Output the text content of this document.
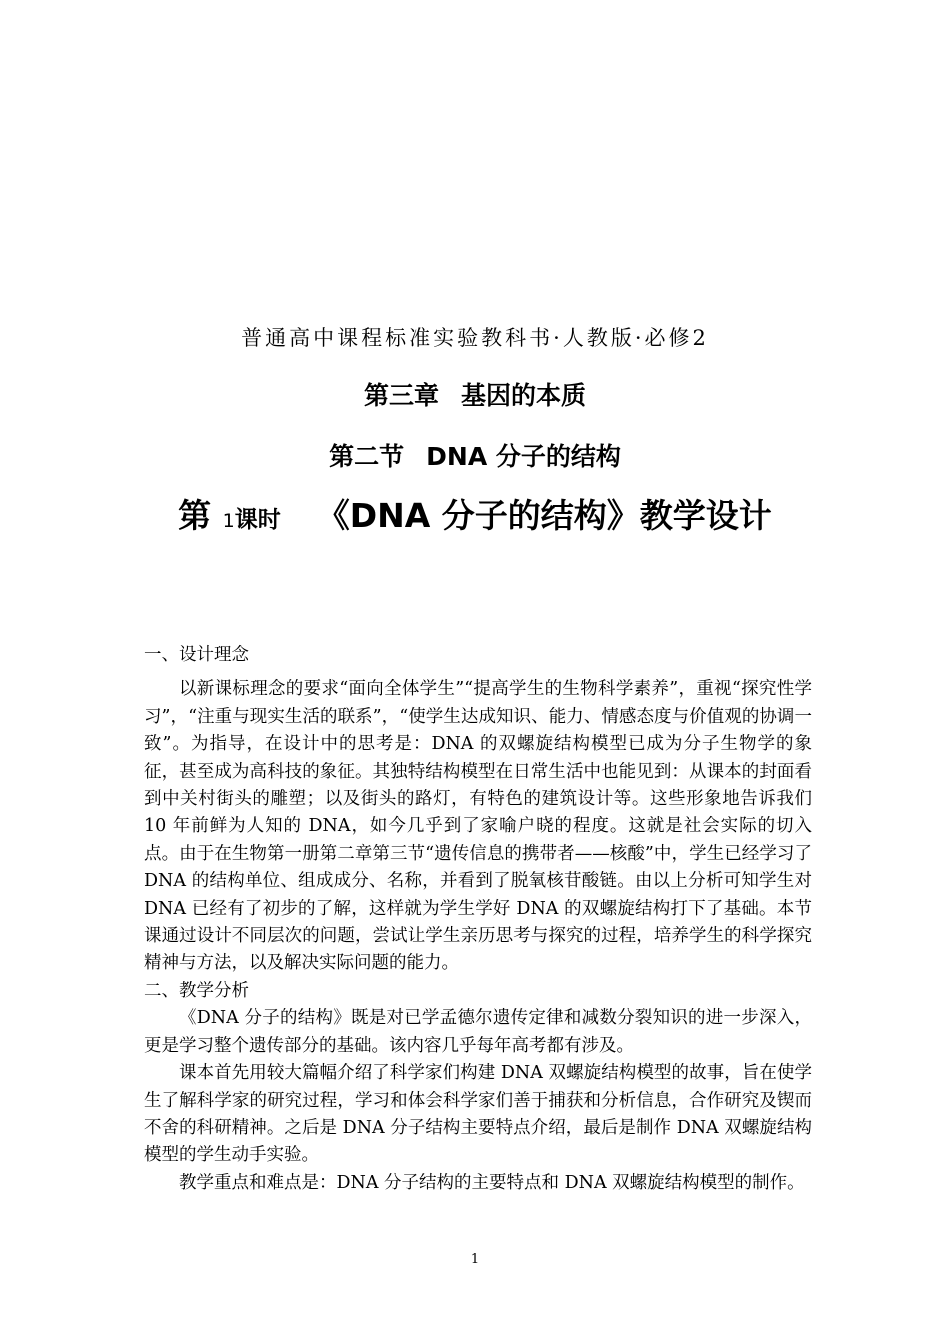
普通高中课程标准实验教科书·人教版·必修2
第三章 基因的本质
第二节 DNA 分子的结构
第 1课时 《DNA 分子的结构》教学设计

一、设计理念

以新课标理念的要求“面向全体学生”“提高学生的生物科学素养”，重视“探究性学习”，“注重与现实生活的联系”，“使学生达成知识、能力、情感态度与价值观的协调一致”。为指导，在设计中的思考是：DNA 的双螺旋结构模型已成为分子生物学的象征，甚至成为高科技的象征。其独特结构模型在日常生活中也能见到：从课本的封面看到中关村街头的雕塑；以及街头的路灯，有特色的建筑设计等。这些形象地告诉我们 10 年前鲜为人知的 DNA，如今几乎到了家喻户晓的程度。这就是社会实际的切入点。由于在生物第一册第二章第三节“遗传信息的携带者——核酸”中，学生已经学习了 DNA 的结构单位、组成成分、名称，并看到了脱氧核苷酸链。由以上分析可知学生对 DNA 已经有了初步的了解，这样就为学生学好 DNA 的双螺旋结构打下了基础。本节课通过设计不同层次的问题，尝试让学生亲历思考与探究的过程，培养学生的科学探究精神与方法，以及解决实际问题的能力。

二、教学分析

《DNA 分子的结构》既是对已学孟德尔遗传定律和减数分裂知识的进一步深入，更是学习整个遗传部分的基础。该内容几乎每年高考都有涉及。

课本首先用较大篇幅介绍了科学家们构建 DNA 双螺旋结构模型的故事，旨在使学生了解科学家的研究过程，学习和体会科学家们善于捕获和分析信息，合作研究及锲而不舍的科研精神。之后是 DNA 分子结构主要特点介绍，最后是制作 DNA 双螺旋结构模型的学生动手实验。

教学重点和难点是：DNA 分子结构的主要特点和 DNA 双螺旋结构模型的制作。

1
